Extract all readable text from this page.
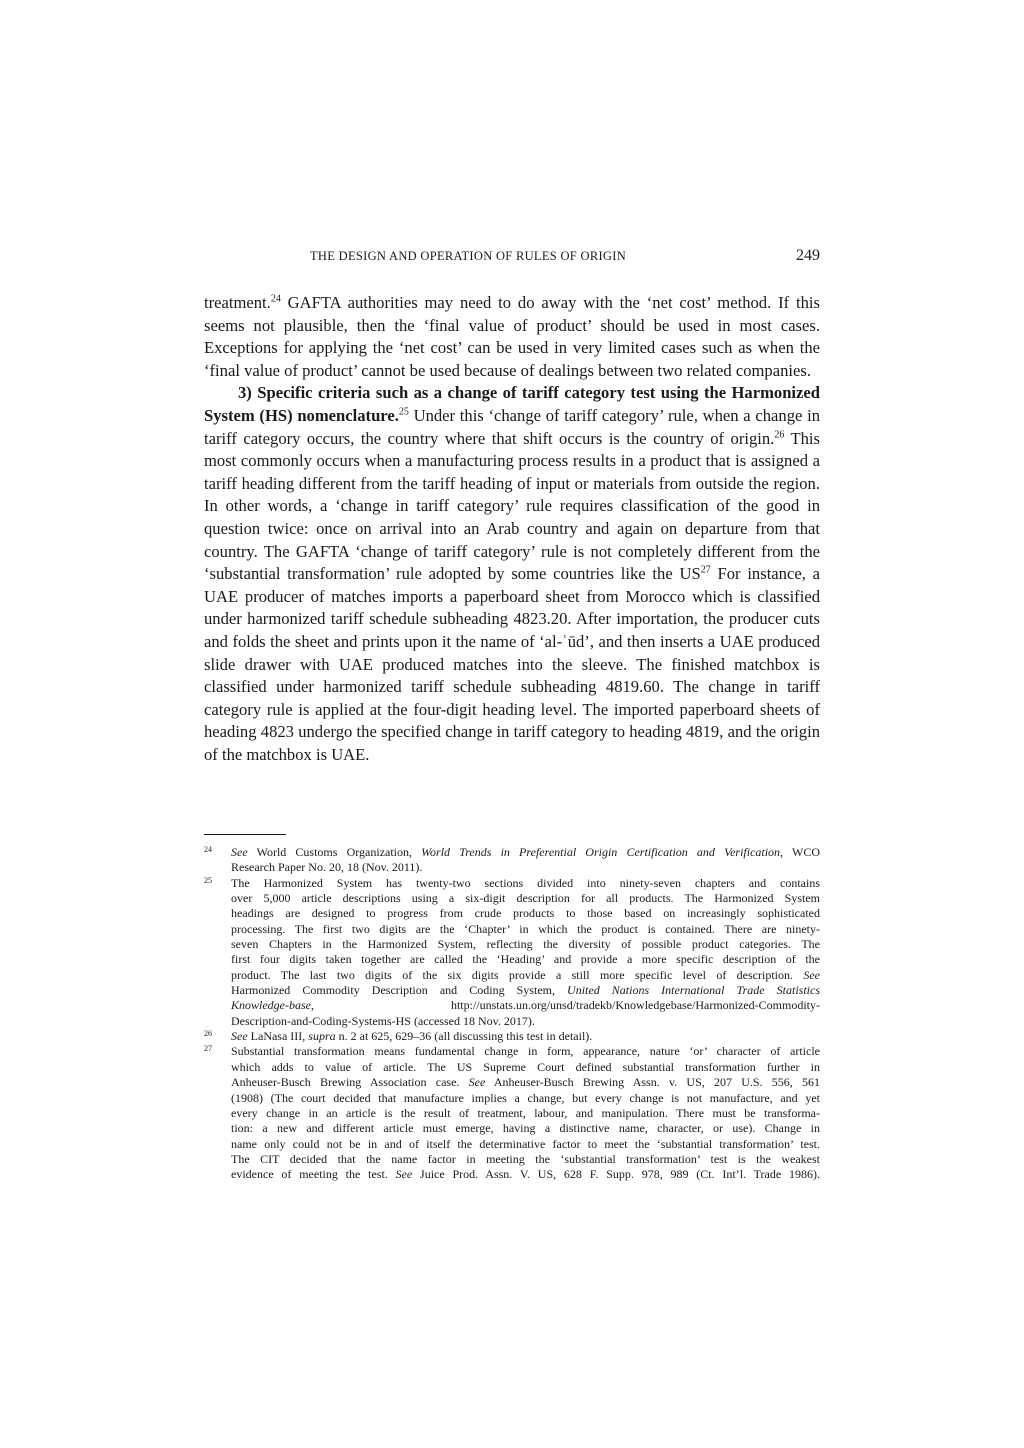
THE DESIGN AND OPERATION OF RULES OF ORIGIN	249

treatment.$^{24}$ GAFTA authorities may need to do away with the ‘net cost’ method. If this seems not plausible, then the ‘final value of product’ should be used in most cases. Exceptions for applying the ‘net cost’ can be used in very limited cases such as when the ‘final value of product’ cannot be used because of dealings between two related companies.

3) Specific criteria such as a change of tariff category test using the Harmonized System (HS) nomenclature.$^{25}$ Under this ‘change of tariff category’ rule, when a change in tariff category occurs, the country where that shift occurs is the country of origin.$^{26}$ This most commonly occurs when a manufacturing process results in a product that is assigned a tariff heading different from the tariff heading of input or materials from outside the region. In other words, a ‘change in tariff category’ rule requires classification of the good in question twice: once on arrival into an Arab country and again on departure from that country. The GAFTA ‘change of tariff category’ rule is not completely different from the ‘substantial transformation’ rule adopted by some countries like the US$^{27}$ For instance, a UAE producer of matches imports a paperboard sheet from Morocco which is classified under harmonized tariff schedule subheading 4823.20. After importation, the producer cuts and folds the sheet and prints upon it the name of ‘al-ʿūd’, and then inserts a UAE produced slide drawer with UAE produced matches into the sleeve. The finished matchbox is classified under harmonized tariff schedule subheading 4819.60. The change in tariff category rule is applied at the four-digit heading level. The imported paperboard sheets of heading 4823 undergo the specified change in tariff category to heading 4819, and the origin of the matchbox is UAE.

24 See World Customs Organization, World Trends in Preferential Origin Certification and Verification, WCO
Research Paper No. 20, 18 (Nov. 2011).
25 The Harmonized System has twenty-two sections divided into ninety-seven chapters and contains
over 5,000 article descriptions using a six-digit description for all products. The Harmonized System
headings are designed to progress from crude products to those based on increasingly sophisticated
processing. The first two digits are the ‘Chapter’ in which the product is contained. There are ninety-
seven Chapters in the Harmonized System, reflecting the diversity of possible product categories. The
first four digits taken together are called the ‘Heading’ and provide a more specific description of the
product. The last two digits of the six digits provide a still more specific level of description. See
Harmonized Commodity Description and Coding System, United Nations International Trade Statistics
Knowledge-base, http://unstats.un.org/unsd/tradekb/Knowledgebase/Harmonized-Commodity-
Description-and-Coding-Systems-HS (accessed 18 Nov. 2017).
26 See LaNasa III, supra n. 2 at 625, 629–36 (all discussing this test in detail).
27 Substantial transformation means fundamental change in form, appearance, nature ‘or’ character of article
which adds to value of article. The US Supreme Court defined substantial transformation further in
Anheuser-Busch Brewing Association case. See Anheuser-Busch Brewing Assn. v. US, 207 U.S. 556, 561
(1908) (The court decided that manufacture implies a change, but every change is not manufacture, and yet
every change in an article is the result of treatment, labour, and manipulation. There must be transforma-
tion: a new and different article must emerge, having a distinctive name, character, or use). Change in
name only could not be in and of itself the determinative factor to meet the ‘substantial transformation’ test.
The CIT decided that the name factor in meeting the ‘substantial transformation’ test is the weakest
evidence of meeting the test. See Juice Prod. Assn. V. US, 628 F. Supp. 978, 989 (Ct. Int’l. Trade 1986).
